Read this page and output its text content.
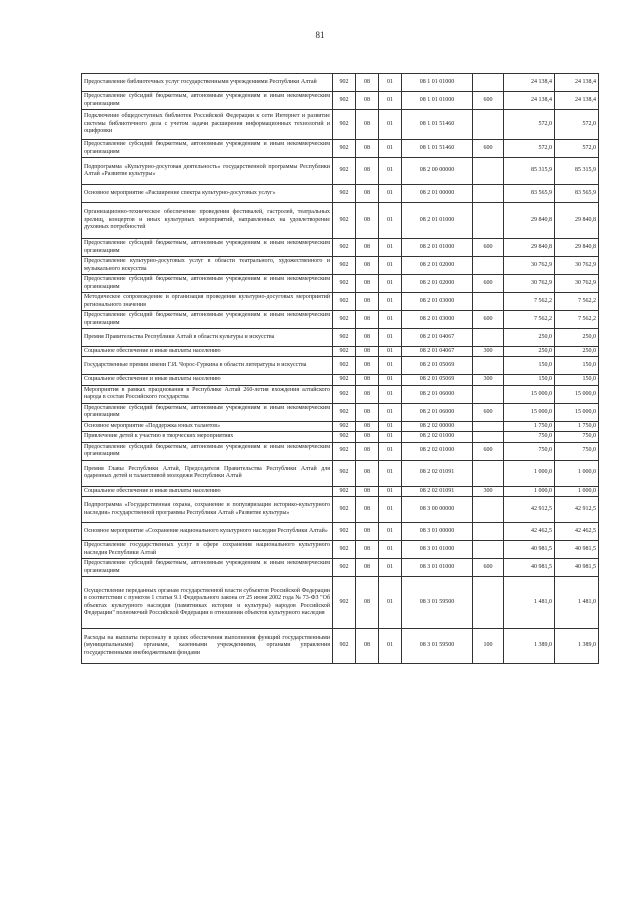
81
Предоставление библиотечных услуг государственными учреждениями Республики Алтай	902	08	01	08 1 01 01000		24 138,4	24 138,4
Предоставление субсидий бюджетным, автономным учреждениям и иным некоммерческим организациям	902	08	01	08 1 01 01000	600	24 138,4	24 138,4
Подключение общедоступных библиотек Российской Федерации к сети Интернет и развитие системы библиотечного дела с учетом задачи расширения информационных технологий и оцифровки	902	08	01	08 1 01 51460		572,0	572,0
Предоставление субсидий бюджетным, автономным учреждениям и иным некоммерческим организациям	902	08	01	08 1 01 51460	600	572,0	572,0
Подпрограмма «Культурно-досуговая деятельность» государственной программы Республики Алтай «Развитие культуры»	902	08	01	08 2 00 00000		85 315,9	85 315,9
Основное мероприятие «Расширение спектра культурно-досуговых услуг»	902	08	01	08 2 01 00000		83 565,9	83 565,9
Организационно-техническое обеспечение проведения фестивалей, гастролей, театральных зрелищ, концертов и иных культурных мероприятий, направленных на удовлетворение духовных потребностей	902	08	01	08 2 01 01000		29 840,8	29 840,8
Предоставление субсидий бюджетным, автономным учреждениям и иным некоммерческим организациям	902	08	01	08 2 01 01000	600	29 840,8	29 840,8
Предоставление культурно-досуговых услуг в области театрального, художественного и музыкального искусства	902	08	01	08 2 01 02000		30 762,9	30 762,9
Предоставление субсидий бюджетным, автономным учреждениям и иным некоммерческим организациям	902	08	01	08 2 01 02000	600	30 762,9	30 762,9
Методическое сопровождение и организация проведения культурно-досуговых мероприятий регионального значения	902	08	01	08 2 01 03000		7 562,2	7 562,2
Предоставление субсидий бюджетным, автономным учреждениям и иным некоммерческим организациям	902	08	01	08 2 01 03000	600	7 562,2	7 562,2
Премия Правительства Республики Алтай в области культуры и искусства	902	08	01	08 2 01 04067		250,0	250,0
Социальное обеспечение и иные выплаты населению	902	08	01	08 2 01 04067	300	250,0	250,0
Государственные премии имени Г.И. Чорос-Гуркина в области литературы и искусства	902	08	01	08 2 01 05069		150,0	150,0
Социальное обеспечение и иные выплаты населению	902	08	01	08 2 01 05069	300	150,0	150,0
Мероприятия в рамках празднования в Республике Алтай 260-летия вхождения алтайского народа в состав Российского государства	902	08	01	08 2 01 06000		15 000,0	15 000,0
Предоставление субсидий бюджетным, автономным учреждениям и иным некоммерческим организациям	902	08	01	08 2 01 06000	600	15 000,0	15 000,0
Основное мероприятие «Поддержка юных талантов»	902	08	01	08 2 02 00000		1 750,0	1 750,0
Привлечение детей к участию в творческих мероприятиях	902	08	01	08 2 02 01000		750,0	750,0
Предоставление субсидий бюджетным, автономным учреждениям и иным некоммерческим организациям	902	08	01	08 2 02 01000	600	750,0	750,0
Премия Главы Республики Алтай, Председателя Правительства Республики Алтай для одаренных детей и талантливой молодежи Республики Алтай	902	08	01	08 2 02 01091		1 000,0	1 000,0
Социальное обеспечение и иные выплаты населению	902	08	01	08 2 02 01091	300	1 000,0	1 000,0
Подпрограмма «Государственная охрана, сохранение и популяризация историко-культурного наследия» государственной программы Республики Алтай «Развитие культуры»	902	08	01	08 3 00 00000		42 912,5	42 912,5
Основное мероприятие «Сохранение национального культурного наследия Республики Алтай»	902	08	01	08 3 01 00000		42 462,5	42 462,5
Предоставление государственных услуг в сфере сохранения национального культурного наследия Республики Алтай	902	08	01	08 3 01 01000		40 981,5	40 981,5
Предоставление субсидий бюджетным, автономным учреждениям и иным некоммерческим организациям	902	08	01	08 3 01 01000	600	40 981,5	40 981,5
Осуществление переданных органам государственной власти субъектов Российской Федерации в соответствии с пунктом 1 статьи 9.1 Федерального закона от 25 июня 2002 года № 73-ФЗ "Об объектах культурного наследия (памятниках истории и культуры) народов Российской Федерации" полномочий Российской Федерации в отношении объектов культурного наследия	902	08	01	08 3 01 59500		1 481,0	1 481,0
Расходы на выплаты персоналу в целях обеспечения выполнения функций государственными (муниципальными) органами, казенными учреждениями, органами управления государственными внебюджетными фондами	902	08	01	08 3 01 59500	100	1 389,0	1 389,0
